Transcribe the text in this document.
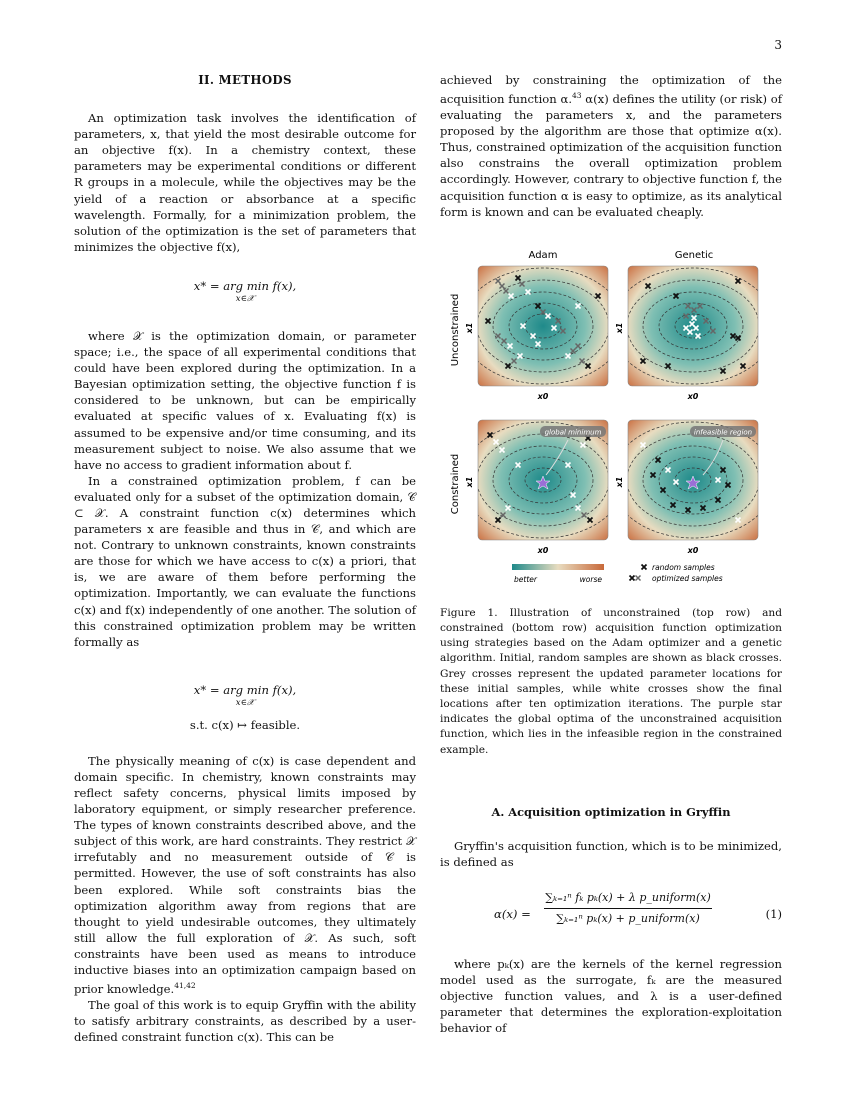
3
II. METHODS

An optimization task involves the identification of parameters, x, that yield the most desirable outcome for an objective f(x). In a chemistry context, these parameters may be experimental conditions or different R groups in a molecule, while the objectives may be the yield of a reaction or absorbance at a specific wavelength. Formally, for a minimization problem, the solution of the optimization is the set of parameters that minimizes the objective f(x),

x* = arg min f(x),
x∈𝒳

where 𝒳 is the optimization domain, or parameter space; i.e., the space of all experimental conditions that could have been explored during the optimization. In a Bayesian optimization setting, the objective function f is considered to be unknown, but can be empirically evaluated at specific values of x. Evaluating f(x) is assumed to be expensive and/or time consuming, and its measurement subject to noise. We also assume that we have no access to gradient information about f.

In a constrained optimization problem, f can be evaluated only for a subset of the optimization domain, 𝒞 ⊂ 𝒳. A constraint function c(x) determines which parameters x are feasible and thus in 𝒞, and which are not. Contrary to unknown constraints, known constraints are those for which we have access to c(x) a priori, that is, we are aware of them before performing the optimization. Importantly, we can evaluate the functions c(x) and f(x) independently of one another. The solution of this constrained optimization problem may be written formally as

x* = arg min f(x),
x∈𝒳
s.t. c(x) ↦ feasible.

The physically meaning of c(x) is case dependent and domain specific. In chemistry, known constraints may reflect safety concerns, physical limits imposed by laboratory equipment, or simply researcher preference. The types of known constraints described above, and the subject of this work, are hard constraints. They restrict 𝒳 irrefutably and no measurement outside of 𝒞 is permitted. However, the use of soft constraints has also been explored. While soft constraints bias the optimization algorithm away from regions that are thought to yield undesirable outcomes, they ultimately still allow the full exploration of 𝒳. As such, soft constraints have been used as means to introduce inductive biases into an optimization campaign based on prior knowledge.$^{41,42}$

The goal of this work is to equip Gryffin with the ability to satisfy arbitrary constraints, as described by a user-defined constraint function c(x). This can be

achieved by constraining the optimization of the acquisition function α.$^{43}$ α(x) defines the utility (or risk) of evaluating the parameters x, and the parameters proposed by the algorithm are those that optimize α(x). Thus, constrained optimization of the acquisition function also constrains the overall optimization problem accordingly. However, contrary to objective function f, the acquisition function α is easy to optimize, as its analytical form is known and can be evaluated cheaply.

Adam	Genetic
Unconstrained
Constrained
x0	x0
x1
global minimum
x0
x1
infeasible region
x0
x1
x1
better	worse
random samples
optimized samples
Figure 1. Illustration of unconstrained (top row) and constrained (bottom row) acquisition function optimization using strategies based on the Adam optimizer and a genetic algorithm. Initial, random samples are shown as black crosses. Grey crosses represent the updated parameter locations for these initial samples, while white crosses show the final locations after ten optimization iterations. The purple star indicates the global optima of the unconstrained acquisition function, which lies in the infeasible region in the constrained example.
A. Acquisition optimization in Gryffin

Gryffin's acquisition function, which is to be minimized, is defined as

α(x) =
∑ₖ₌₁ⁿ fₖ pₖ(x) + λ p_uniform(x)
∑ₖ₌₁ⁿ pₖ(x) + p_uniform(x)	(1)

where pₖ(x) are the kernels of the kernel regression model used as the surrogate, fₖ are the measured objective function values, and λ is a user-defined parameter that determines the exploration-exploitation behavior of
